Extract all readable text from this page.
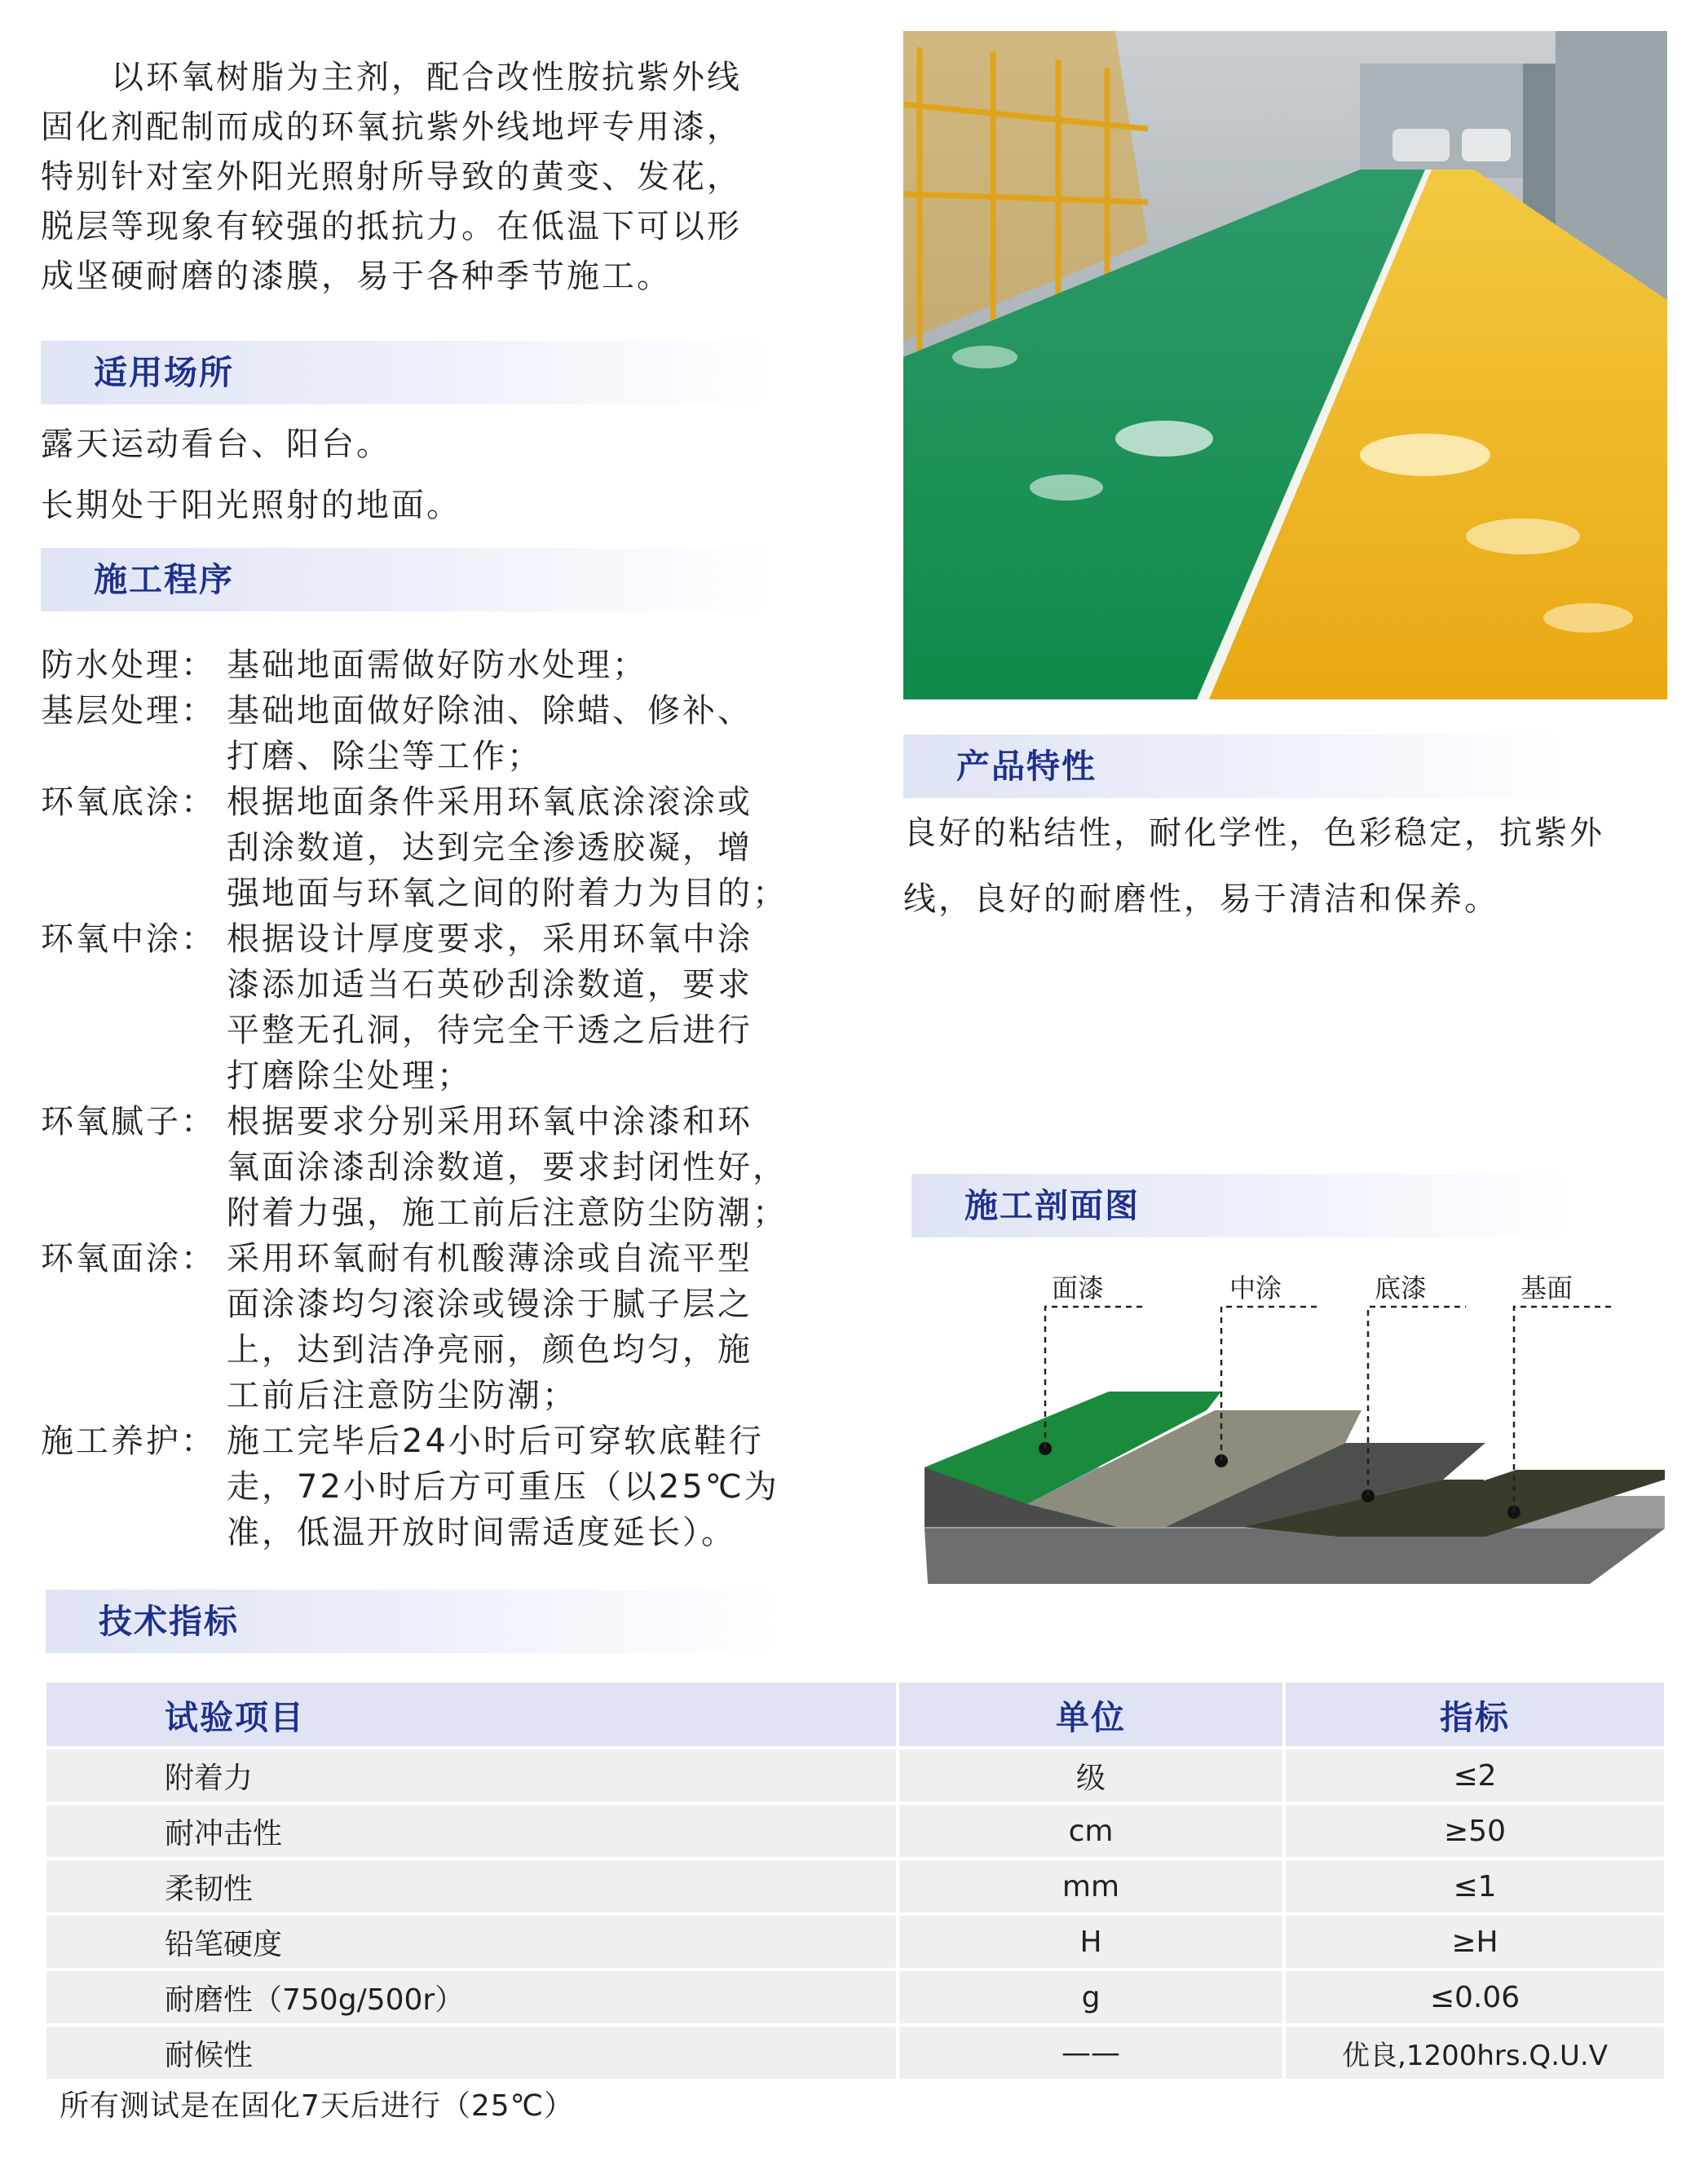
　　以环氧树脂为主剂，配合改性胺抗紫外线

固化剂配制而成的环氧抗紫外线地坪专用漆，

特别针对室外阳光照射所导致的黄变、发花，

脱层等现象有较强的抵抗力。在低温下可以形

成坚硬耐磨的漆膜，易于各种季节施工。

适用场所
露天运动看台、阳台。
长期处于阳光照射的地面。
施工程序
防水处理： 基础地面需做好防水处理；
基层处理： 基础地面做好除油、除蜡、修补、
打磨、除尘等工作；
环氧底涂： 根据地面条件采用环氧底涂滚涂或
刮涂数道，达到完全渗透胶凝，增
强地面与环氧之间的附着力为目的；
环氧中涂： 根据设计厚度要求，采用环氧中涂
漆添加适当石英砂刮涂数道，要求
平整无孔洞，待完全干透之后进行
打磨除尘处理；
环氧腻子： 根据要求分别采用环氧中涂漆和环
氧面涂漆刮涂数道，要求封闭性好，
附着力强，施工前后注意防尘防潮；
环氧面涂： 采用环氧耐有机酸薄涂或自流平型
面涂漆均匀滚涂或镘涂于腻子层之
上，达到洁净亮丽，颜色均匀，施
工前后注意防尘防潮；
施工养护： 施工完毕后24小时后可穿软底鞋行
走，72小时后方可重压（以25℃为
准，低温开放时间需适度延长）。
产品特性
良好的粘结性，耐化学性，色彩稳定，抗紫外
线，良好的耐磨性，易于清洁和保养。
施工剖面图
面漆	中涂	底漆	基面
技术指标
试验项目	单位	指标
附着力	级	≤2
耐冲击性	cm	≥50
柔韧性	mm	≤1
铅笔硬度	H	≥H
耐磨性（750g/500r）	g	≤0.06
耐候性	——	优良,1200hrs.Q.U.V
所有测试是在固化7天后进行（25℃）
